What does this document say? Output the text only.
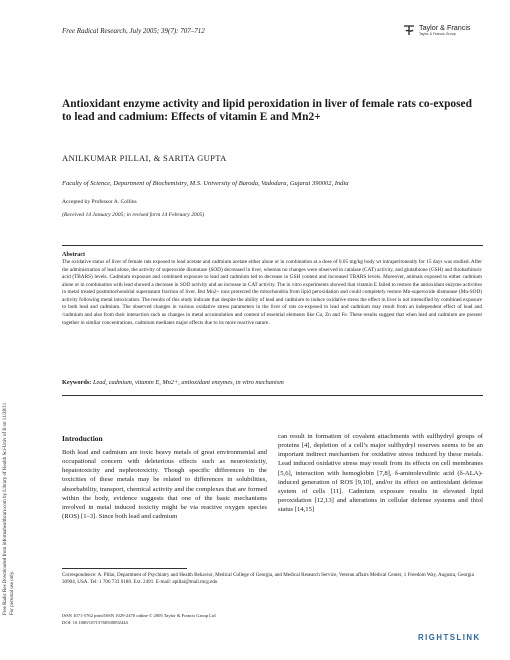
Free Radical Research, July 2005; 39(7): 707–712	Taylor & Francis
Taylor & Francis Group
Free Radic Res Downloaded from informahealthcare.com by Library of Health Sci-Univ of Il on 11/28/11 For personal use only.
Antioxidant enzyme activity and lipid peroxidation in liver of female rats co-exposed to lead and cadmium: Effects of vitamin E and Mn2+
ANILKUMAR PILLAI, & SARITA GUPTA
Faculty of Science, Department of Biochemistry, M.S. University of Baroda, Vadodara, Gujarat 390002, India
Accepted by Professor A. Collins
(Received 14 January 2005; in revised form 14 February 2005)
Abstract
The oxidative status of liver of female rats exposed to lead acetate and cadmium acetate either alone or in combination at a dose of 0.05 mg/kg body wt intraperitoneally for 15 days was studied. After the administration of lead alone, the activity of superoxide dismutase (SOD) decreased in liver, whereas no changes were observed in catalase (CAT) activity, and glutathione (GSH) and thiobarbituric acid (TBARS) levels. Cadmium exposure and combined exposure to lead and cadmium led to decrease in GSH content and increased TBARS levels. Moreover, animals exposed to either cadmium alone or in combination with lead showed a decrease in SOD activity and an increase in CAT activity. The in vitro experiments showed that vitamin E failed to restore the antioxidant enzyme activities in metal treated postmitochondrial supernatant fraction of liver. But Mn2+ ions protected the mitochondria from lipid peroxidation and could completely restore Mn-superoxide dismutase (Mn-SOD) activity following metal intoxication. The results of this study indicate that despite the ability of lead and cadmium to induce oxidative stress the effect in liver is not intensified by combined exposure to both lead and cadmium. The observed changes in various oxidative stress parameters in the liver of rats co-exposed to lead and cadmium may result from an independent effect of lead and /cadmium and also from their interaction such as changes in metal accumulation and content of essential elements like Cu, Zn and Fe. These results suggest that when lead and cadmium are present together in similar concentrations, cadmium mediates major effects due to its more reactive nature.
Keywords: Lead, cadmium, vitamin E, Mn2+, antioxidant enzymes, in vitro mechanism
Introduction
Both lead and cadmium are toxic heavy metals of great environmental and occupational concern with deleterious effects such as neurotoxicity, hepatotoxicity and nephrotoxicity. Though specific differences in the toxicities of these metals may be related to differences in solubilities, absorbability, transport, chemical activity and the complexes that are formed within the body, evidence suggests that one of the basic mechanisms involved in metal induced toxicity might be via reactive oxygen species (ROS) [1–3]. Since both lead and cadmium
can result in formation of covalent attachments with sulfhydryl groups of proteins [4], depletion of a cell’s major sulfhydryl reserves seems to be an important indirect mechanism for oxidative stress induced by these metals. Lead induced oxidative stress may result from its effects on cell membranes [5,6], interaction with hemoglobin [7,8], δ-aminolevulinic acid (δ-ALA)-induced generation of ROS [9,10], and/or its effect on antioxidant defense system of cells [11]. Cadmium exposure results in elevated lipid peroxidation [12,13] and alterations in cellular defense systems and thiol status [14,15]
Correspondence: A. Pillai, Department of Psychiatry and Health Behavior, Medical College of Georgia, and Medical Research Service, Veteran affairs Medical Center, 1 Freedom Way, Augusta, Georgia 30904, USA. Tel: 1 706 733 0188. Ext. 2491. E-mail: apillai@mail.mcg.edu
ISSN 1071-5762 print/ISSN 1029-2470 online © 2005 Taylor & Francis Group Ltd
DOI: 10.1080/10715760500092444
RIGHTSLINK
